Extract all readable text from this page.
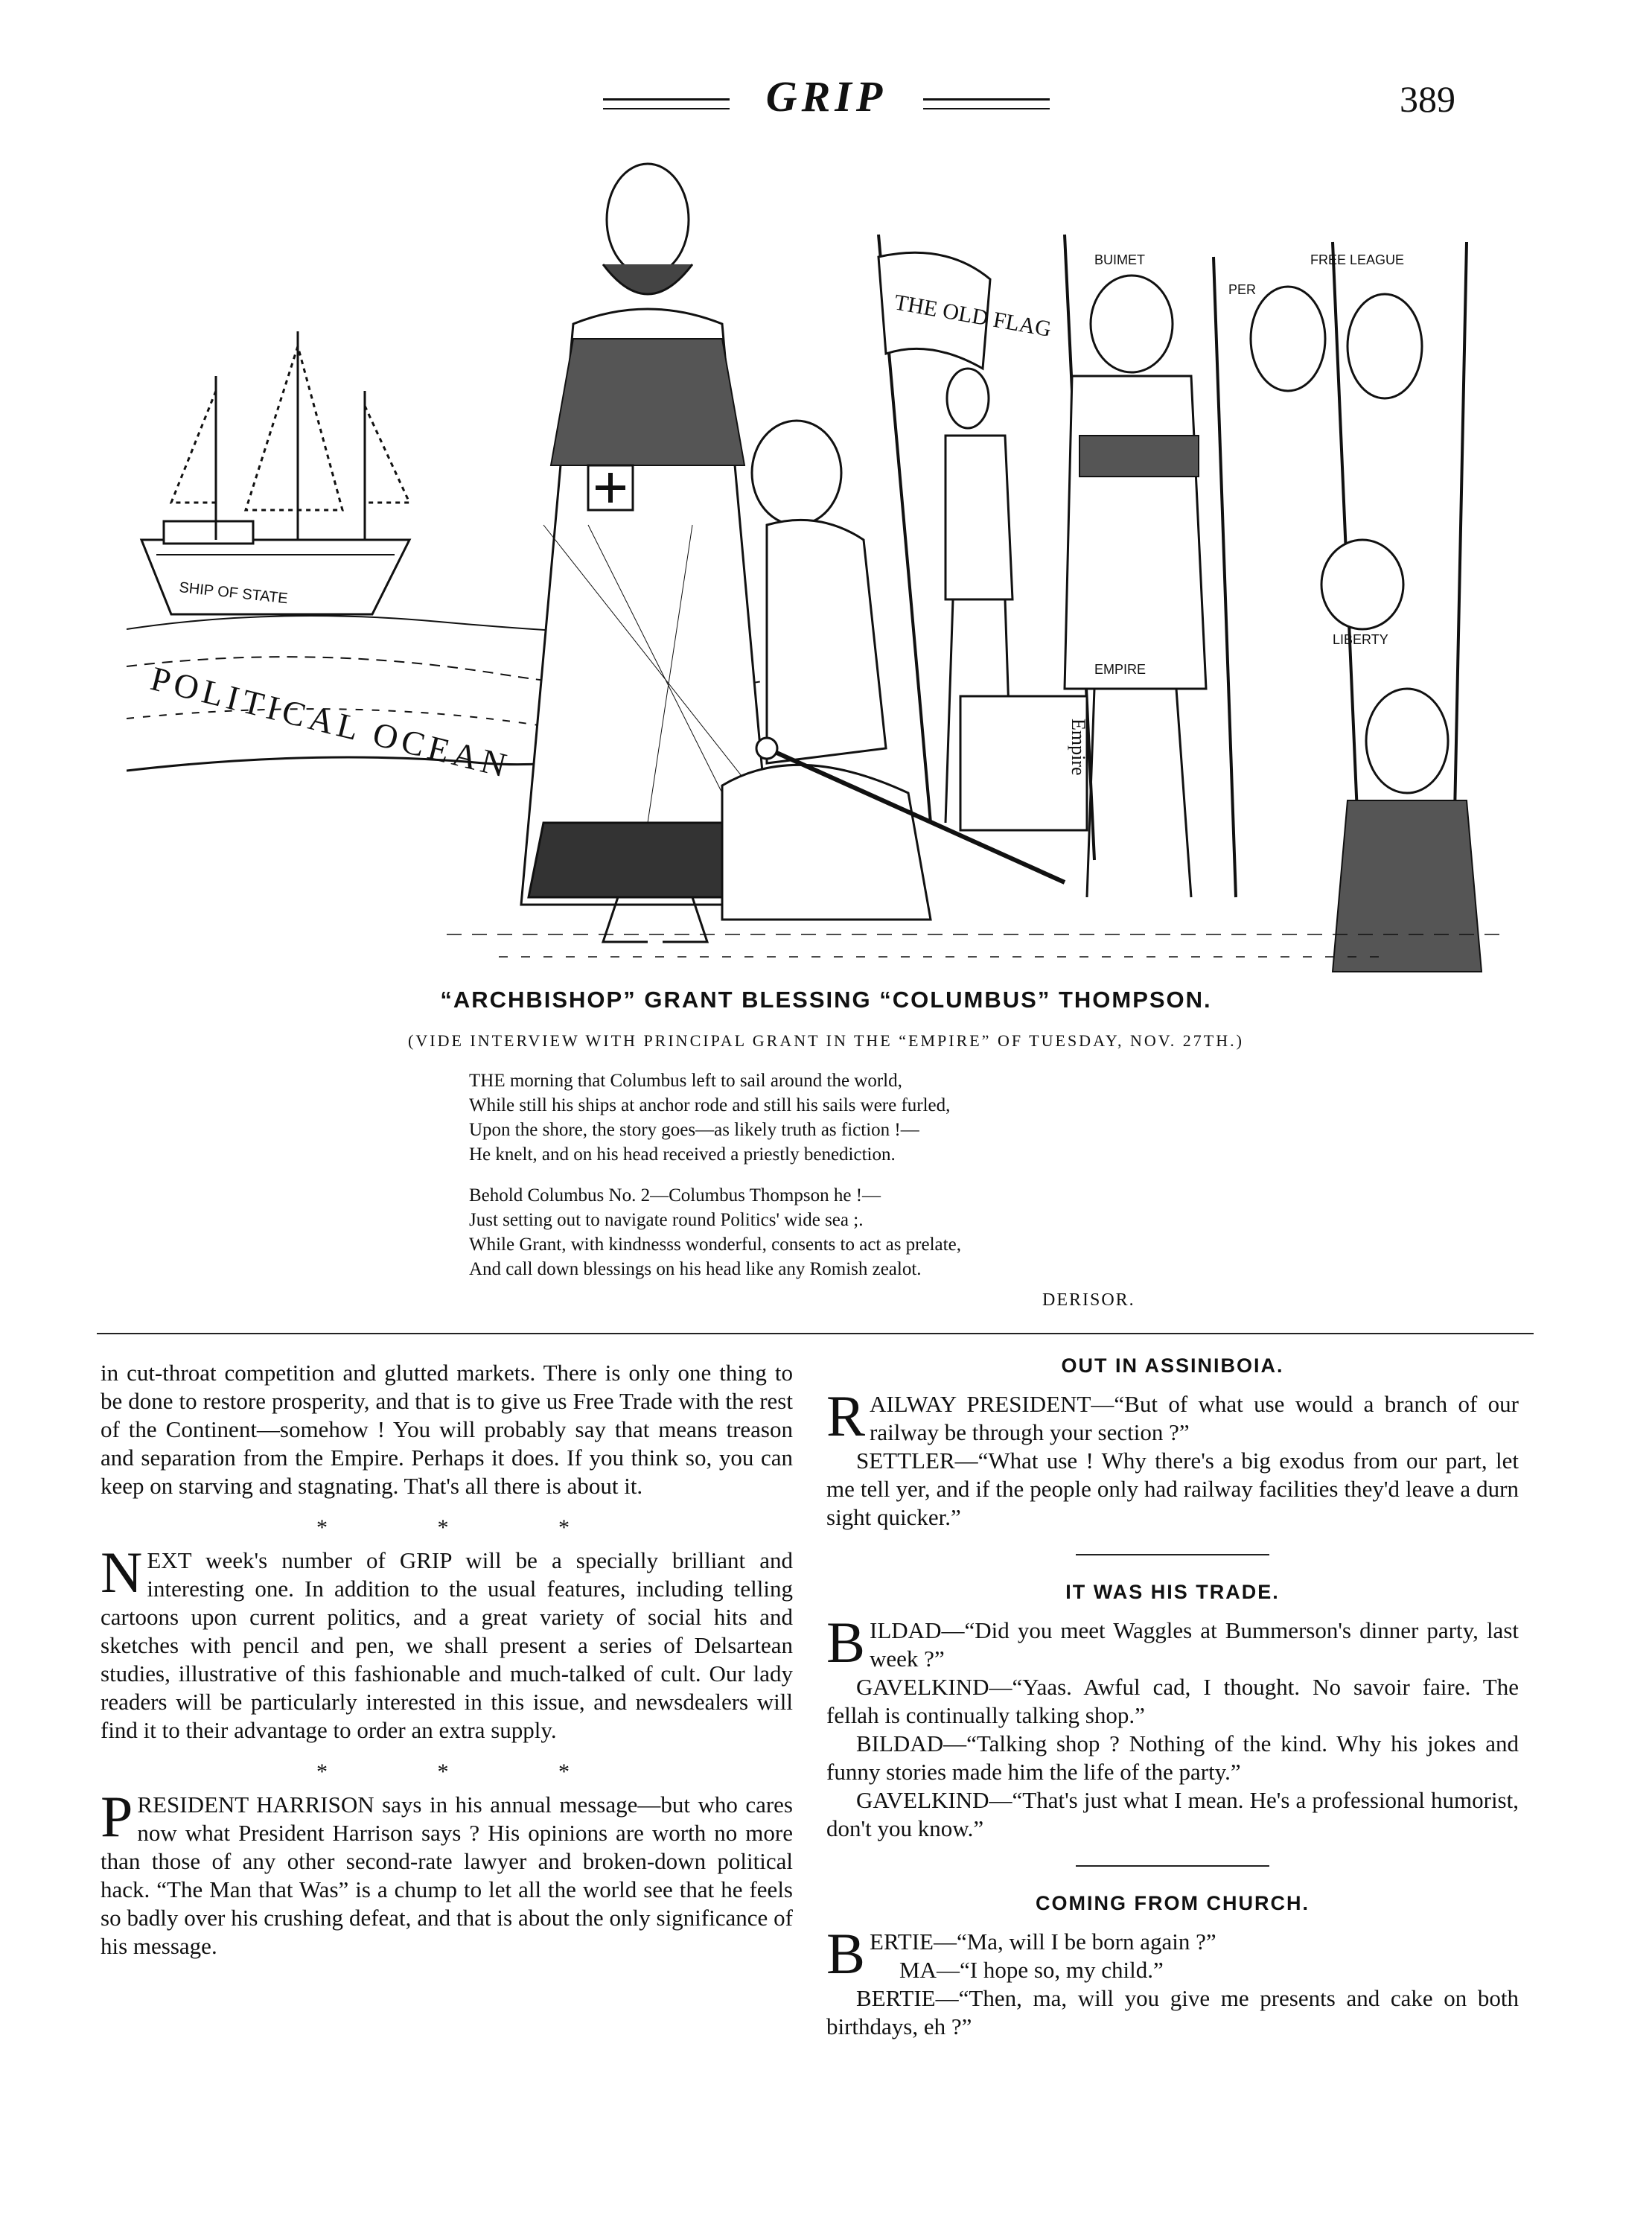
GRIP	389
POLITICAL OCEAN
SHIP OF STATE
THE OLD FLAG
Empire
EMPIRE
FREE LEAGUE
BUIMET
PER
LIBERTY
“ARCHBISHOP” GRANT BLESSING “COLUMBUS” THOMPSON.
(VIDE INTERVIEW WITH PRINCIPAL GRANT IN THE “EMPIRE” OF TUESDAY, NOV. 27TH.)

THE morning that Columbus left to sail around the world,
While still his ships at anchor rode and still his sails were furled,
Upon the shore, the story goes—as likely truth as fiction !—
He knelt, and on his head received a priestly benediction.

Behold Columbus No. 2—Columbus Thompson he !—
Just setting out to navigate round Politics' wide sea ;.
While Grant, with kindnesss wonderful, consents to act as prelate,
And call down blessings on his head like any Romish zealot.

DERISOR.

in cut-throat competition and glutted markets. There is only one thing to be done to restore prosperity, and that is to give us Free Trade with the rest of the Continent—somehow ! You will probably say that means treason and separation from the Empire. Perhaps it does. If you think so, you can keep on starving and stagnating. That's all there is about it.

* * *

NEXT week's number of GRIP will be a specially brilliant and interesting one. In addition to the usual features, including telling cartoons upon current politics, and a great variety of social hits and sketches with pencil and pen, we shall present a series of Delsartean studies, illustrative of this fashionable and much-talked of cult. Our lady readers will be particularly interested in this issue, and newsdealers will find it to their advantage to order an extra supply.

* * *

PRESIDENT HARRISON says in his annual message—but who cares now what President Harrison says ? His opinions are worth no more than those of any other second-rate lawyer and broken-down political hack. “The Man that Was” is a chump to let all the world see that he feels so badly over his crushing defeat, and that is about the only significance of his message.

OUT IN ASSINIBOIA.

RAILWAY PRESIDENT—“But of what use would a branch of our railway be through your section ?”

SETTLER—“What use ! Why there's a big exodus from our part, let me tell yer, and if the people only had railway facilities they'd leave a durn sight quicker.”

IT WAS HIS TRADE.

BILDAD—“Did you meet Waggles at Bummerson's dinner party, last week ?”

GAVELKIND—“Yaas. Awful cad, I thought. No savoir faire. The fellah is continually talking shop.”

BILDAD—“Talking shop ? Nothing of the kind. Why his jokes and funny stories made him the life of the party.”

GAVELKIND—“That's just what I mean. He's a professional humorist, don't you know.”

COMING FROM CHURCH.

BERTIE—“Ma, will I be born again ?”

MA—“I hope so, my child.”

BERTIE—“Then, ma, will you give me presents and cake on both birthdays, eh ?”
